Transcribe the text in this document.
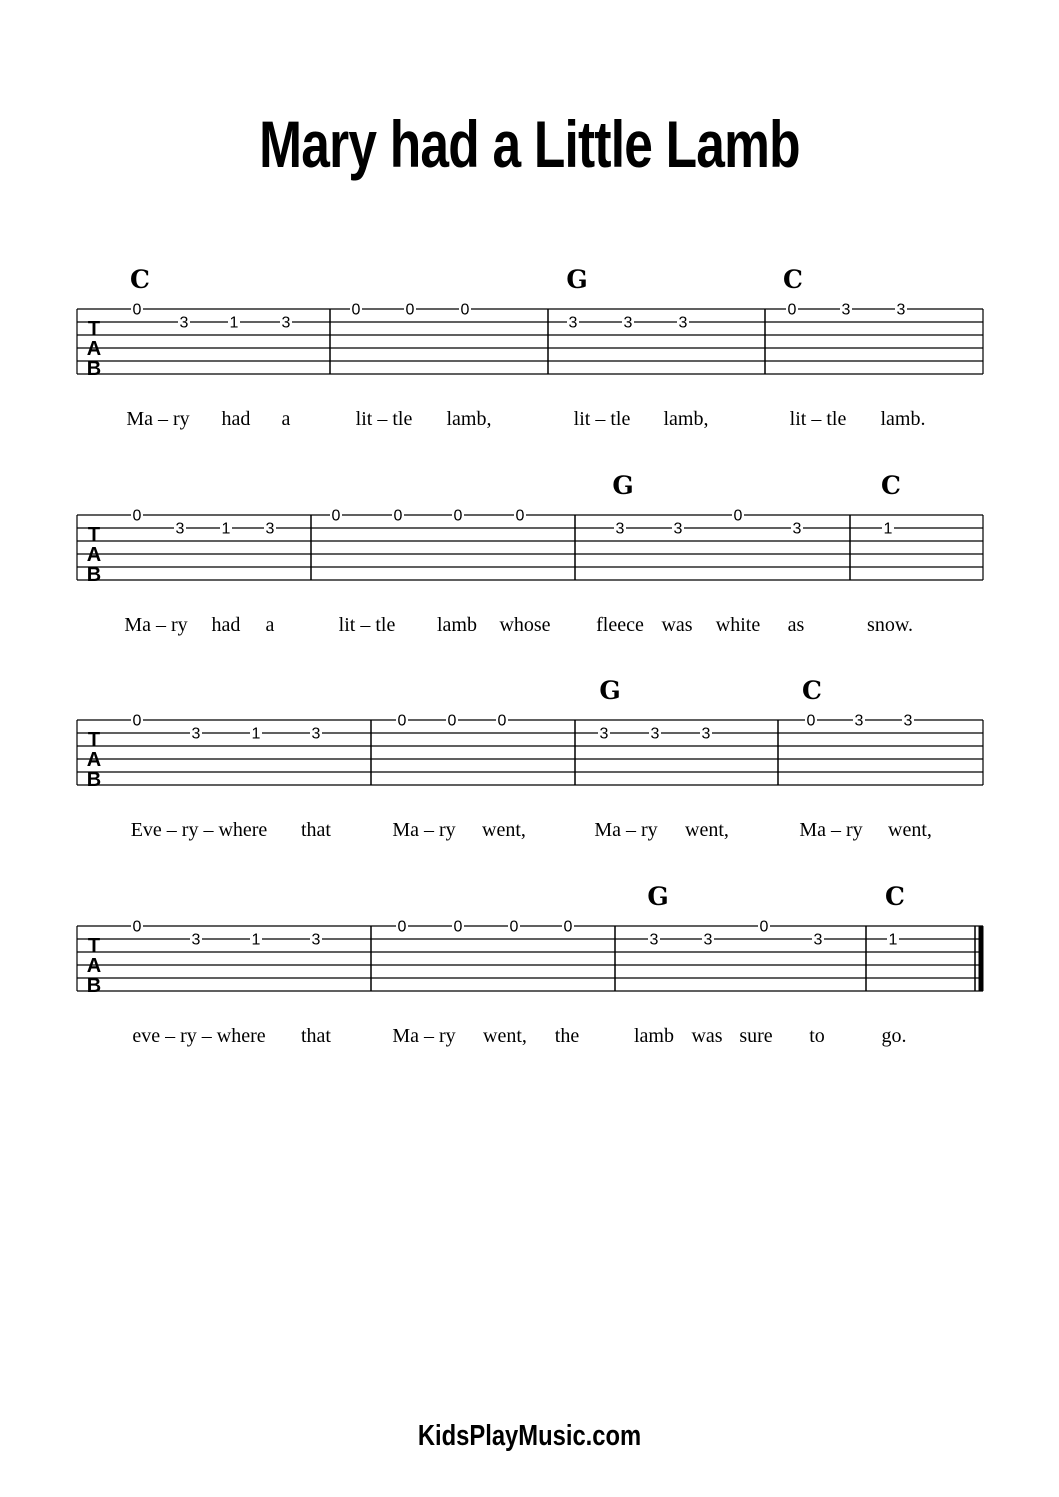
Mary had a Little Lamb
T
A
B
C
0
3	1	3
Ma – ry had a
0	0	0
lit – tle lamb,
G
3	3	3
lit – tle lamb,
C
0	3	3
lit – tle lamb.
T
A
B
0
3 1 3
Ma – ry had a
0	0	0	0
lit – tle lamb whose
G
3	3
0
3
fleece was white as
C
1
snow.
T
A
B
0
3	1	3
Eve – ry – where that
0	0	0
Ma – ry went,
G
3	3	3
Ma – ry went,
C
0 3	3
Ma – ry went,
T
A
B
0
3	1	3
eve – ry – where that
0	0	0	0
Ma – ry went, the
G
3	3
0
3
lamb was sure to
C
1
go.
KidsPlayMusic.com
